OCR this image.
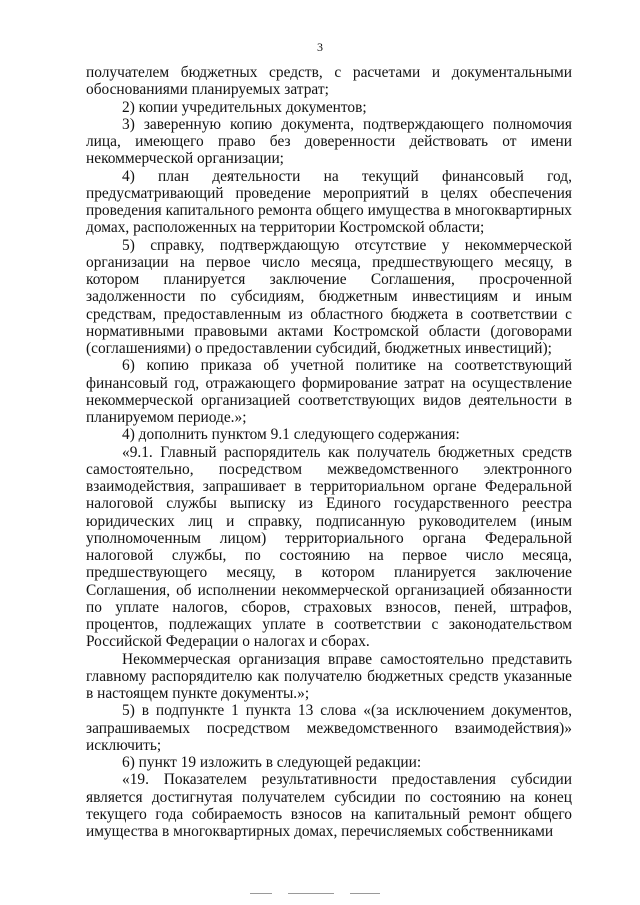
3

получателем бюджетных средств, с расчетами и документальными обоснованиями планируемых затрат;

2) копии учредительных документов;

3) заверенную копию документа, подтверждающего полномочия лица, имеющего право без доверенности действовать от имени некоммерческой организации;

4) план деятельности на текущий финансовый год, предусматривающий проведение мероприятий в целях обеспечения проведения капитального ремонта общего имущества в многоквартирных домах, расположенных на территории Костромской области;

5) справку, подтверждающую отсутствие у некоммерческой организации на первое число месяца, предшествующего месяцу, в котором планируется заключение Соглашения, просроченной задолженности по субсидиям, бюджетным инвестициям и иным средствам, предоставленным из областного бюджета в соответствии с нормативными правовыми актами Костромской области (договорами (соглашениями) о предоставлении субсидий, бюджетных инвестиций);

6) копию приказа об учетной политике на соответствующий финансовый год, отражающего формирование затрат на осуществление некоммерческой организацией соответствующих видов деятельности в планируемом периоде.»;

4) дополнить пунктом 9.1 следующего содержания:

«9.1. Главный распорядитель как получатель бюджетных средств самостоятельно, посредством межведомственного электронного взаимодействия, запрашивает в территориальном органе Федеральной налоговой службы выписку из Единого государственного реестра юридических лиц и справку, подписанную руководителем (иным уполномоченным лицом) территориального органа Федеральной налоговой службы, по состоянию на первое число месяца, предшествующего месяцу, в котором планируется заключение Соглашения, об исполнении некоммерческой организацией обязанности по уплате налогов, сборов, страховых взносов, пеней, штрафов, процентов, подлежащих уплате в соответствии с законодательством Российской Федерации о налогах и сборах.

Некоммерческая организация вправе самостоятельно представить главному распорядителю как получателю бюджетных средств указанные в настоящем пункте документы.»;

5) в подпункте 1 пункта 13 слова «(за исключением документов, запрашиваемых посредством межведомственного взаимодействия)» исключить;

6) пункт 19 изложить в следующей редакции:

«19. Показателем результативности предоставления субсидии является достигнутая получателем субсидии по состоянию на конец текущего года собираемость взносов на капитальный ремонт общего имущества в многоквартирных домах, перечисляемых собственниками
